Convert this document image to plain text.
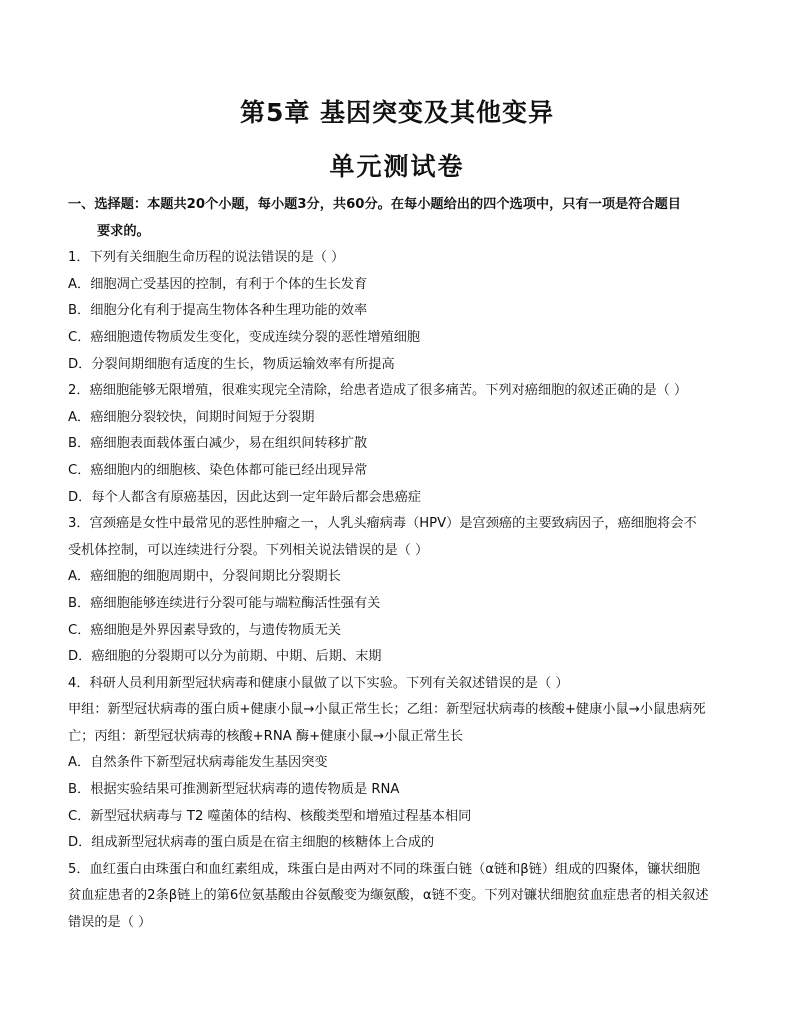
第5章 基因突变及其他变异
单元测试卷
一、选择题：本题共20个小题，每小题3分，共60分。在每小题给出的四个选项中，只有一项是符合题目
要求的。
1．下列有关细胞生命历程的说法错误的是（ ）
A．细胞凋亡受基因的控制，有利于个体的生长发育
B．细胞分化有利于提高生物体各种生理功能的效率
C．癌细胞遗传物质发生变化，变成连续分裂的恶性增殖细胞
D．分裂间期细胞有适度的生长，物质运输效率有所提高
2．癌细胞能够无限增殖，很难实现完全清除，给患者造成了很多痛苦。下列对癌细胞的叙述正确的是（ ）
A．癌细胞分裂较快，间期时间短于分裂期
B．癌细胞表面载体蛋白减少，易在组织间转移扩散
C．癌细胞内的细胞核、染色体都可能已经出现异常
D．每个人都含有原癌基因，因此达到一定年龄后都会患癌症
3．宫颈癌是女性中最常见的恶性肿瘤之一，人乳头瘤病毒（HPV）是宫颈癌的主要致病因子，癌细胞将会不
受机体控制，可以连续进行分裂。下列相关说法错误的是（ ）
A．癌细胞的细胞周期中，分裂间期比分裂期长
B．癌细胞能够连续进行分裂可能与端粒酶活性强有关
C．癌细胞是外界因素导致的，与遗传物质无关
D．癌细胞的分裂期可以分为前期、中期、后期、末期
4．科研人员利用新型冠状病毒和健康小鼠做了以下实验。下列有关叙述错误的是（ ）
甲组：新型冠状病毒的蛋白质+健康小鼠→小鼠正常生长；乙组：新型冠状病毒的核酸+健康小鼠→小鼠患病死
亡；丙组：新型冠状病毒的核酸+RNA 酶+健康小鼠→小鼠正常生长
A．自然条件下新型冠状病毒能发生基因突变
B．根据实验结果可推测新型冠状病毒的遗传物质是 RNA
C．新型冠状病毒与 T2 噬菌体的结构、核酸类型和增殖过程基本相同
D．组成新型冠状病毒的蛋白质是在宿主细胞的核糖体上合成的
5．血红蛋白由珠蛋白和血红素组成，珠蛋白是由两对不同的珠蛋白链（α链和β链）组成的四聚体，镰状细胞
贫血症患者的2条β链上的第6位氨基酸由谷氨酸变为缬氨酸，α链不变。下列对镰状细胞贫血症患者的相关叙述
错误的是（ ）
